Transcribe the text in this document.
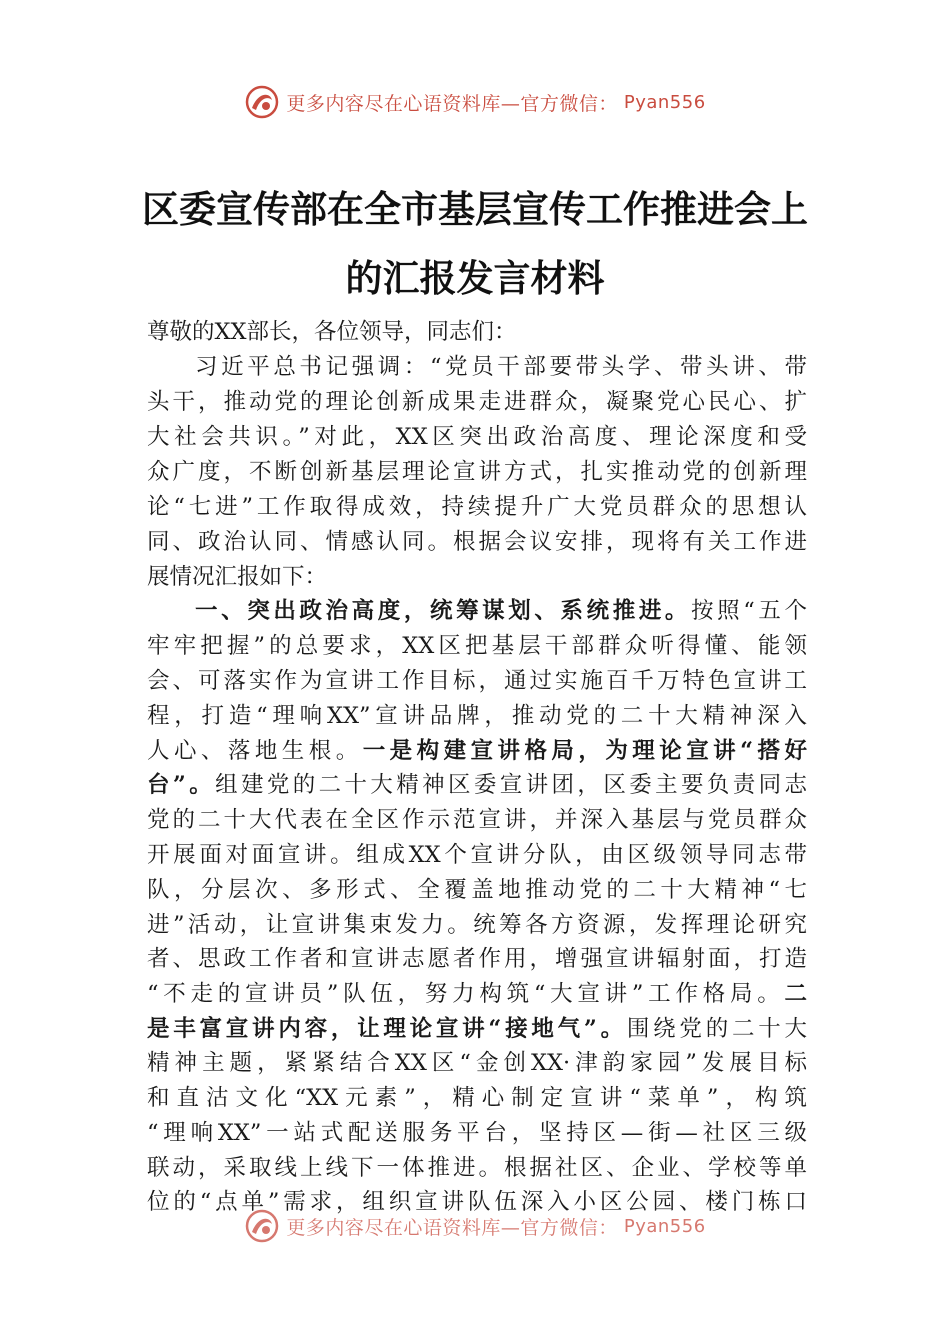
更多内容尽在心语资料库—官方微信： Pyan556
区委宣传部在全市基层宣传工作推进会上
的汇报发言材料
尊敬的XX部长，各位领导，同志们：
习近平总书记强调：“党员干部要带头学、带头讲、带
头干，推动党的理论创新成果走进群众，凝聚党心民心、扩
大社会共识。”对此，XX区突出政治高度、理论深度和受
众广度，不断创新基层理论宣讲方式，扎实推动党的创新理
论“七进”工作取得成效，持续提升广大党员群众的思想认
同、政治认同、情感认同。根据会议安排，现将有关工作进
展情况汇报如下：
一、突出政治高度，统筹谋划、系统推进。按照“五个
牢牢把握”的总要求，XX区把基层干部群众听得懂、能领
会、可落实作为宣讲工作目标，通过实施百千万特色宣讲工
程，打造“理响XX”宣讲品牌，推动党的二十大精神深入
人心、落地生根。一是构建宣讲格局，为理论宣讲“搭好
台”。组建党的二十大精神区委宣讲团，区委主要负责同志
党的二十大代表在全区作示范宣讲，并深入基层与党员群众
开展面对面宣讲。组成XX个宣讲分队，由区级领导同志带
队，分层次、多形式、全覆盖地推动党的二十大精神“七
进”活动，让宣讲集束发力。统筹各方资源，发挥理论研究
者、思政工作者和宣讲志愿者作用，增强宣讲辐射面，打造
“不走的宣讲员”队伍，努力构筑“大宣讲”工作格局。二
是丰富宣讲内容，让理论宣讲“接地气”。围绕党的二十大
精神主题，紧紧结合XX区“金创XX·津韵家园”发展目标
和直沽文化“XX元素”，精心制定宣讲“菜单”，构筑
“理响XX”一站式配送服务平台，坚持区—街—社区三级
联动，采取线上线下一体推进。根据社区、企业、学校等单
位的“点单”需求，组织宣讲队伍深入小区公园、楼门栋口
更多内容尽在心语资料库—官方微信： Pyan556
